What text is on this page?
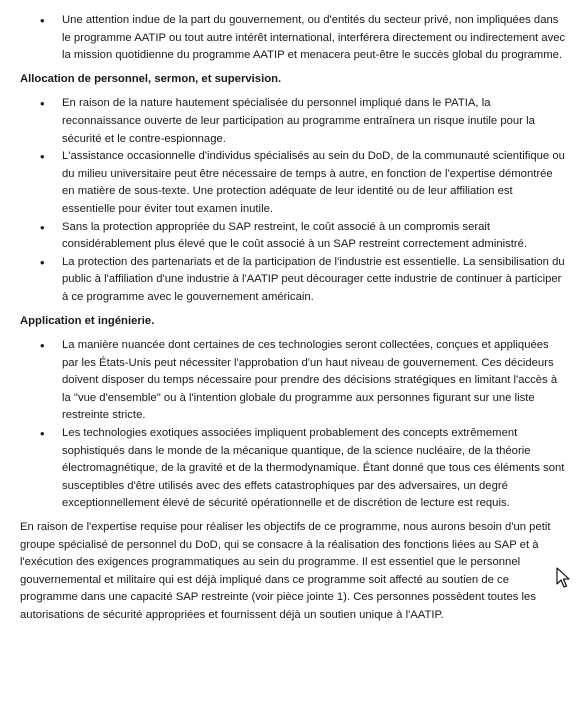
• Une attention indue de la part du gouvernement, ou d'entités du secteur privé, non impliquées dans le programme AATIP ou tout autre intérêt international, interférera directement ou indirectement avec la mission quotidienne du programme AATIP et menacera peut-être le succès global du programme.
Allocation de personnel, sermon, et supervision.
• En raison de la nature hautement spécialisée du personnel impliqué dans le PATIA, la reconnaissance ouverte de leur participation au programme entraînera un risque inutile pour la sécurité et le contre-espionnage.
• L'assistance occasionnelle d'individus spécialisés au sein du DoD, de la communauté scientifique ou du milieu universitaire peut être nécessaire de temps à autre, en fonction de l'expertise démontrée en matière de sous-texte. Une protection adéquate de leur identité ou de leur affiliation est essentielle pour éviter tout examen inutile.
• Sans la protection appropriée du SAP restreint, le coût associé à un compromis serait considérablement plus élevé que le coût associé à un SAP restreint correctement administré.
• La protection des partenariats et de la participation de l'industrie est essentielle. La sensibilisation du public à l'affiliation d'une industrie à l'AATIP peut décourager cette industrie de continuer à participer à ce programme avec le gouvernement américain.
Application et ingénierie.
• La manière nuancée dont certaines de ces technologies seront collectées, conçues et appliquées par les États-Unis peut nécessiter l'approbation d'un haut niveau de gouvernement. Ces décideurs doivent disposer du temps nécessaire pour prendre des décisions stratégiques en limitant l'accès à la "vue d'ensemble" ou à l'intention globale du programme aux personnes figurant sur une liste restreinte stricte.
• Les technologies exotiques associées impliquent probablement des concepts extrêmement sophistiqués dans le monde de la mécanique quantique, de la science nucléaire, de la théorie électromagnétique, de la gravité et de la thermodynamique. Étant donné que tous ces éléments sont susceptibles d'être utilisés avec des effets catastrophiques par des adversaires, un degré exceptionnellement élevé de sécurité opérationnelle et de discrétion de lecture est requis.

En raison de l'expertise requise pour réaliser les objectifs de ce programme, nous aurons besoin d'un petit groupe spécialisé de personnel du DoD, qui se consacre à la réalisation des fonctions liées au SAP et à l'exécution des exigences programmatiques au sein du programme. Il est essentiel que le personnel gouvernemental et militaire qui est déjà impliqué dans ce programme soit affecté au soutien de ce programme dans une capacité SAP restreinte (voir pièce jointe 1). Ces personnes possèdent toutes les autorisations de sécurité appropriées et fournissent déjà un soutien unique à l'AATIP.
